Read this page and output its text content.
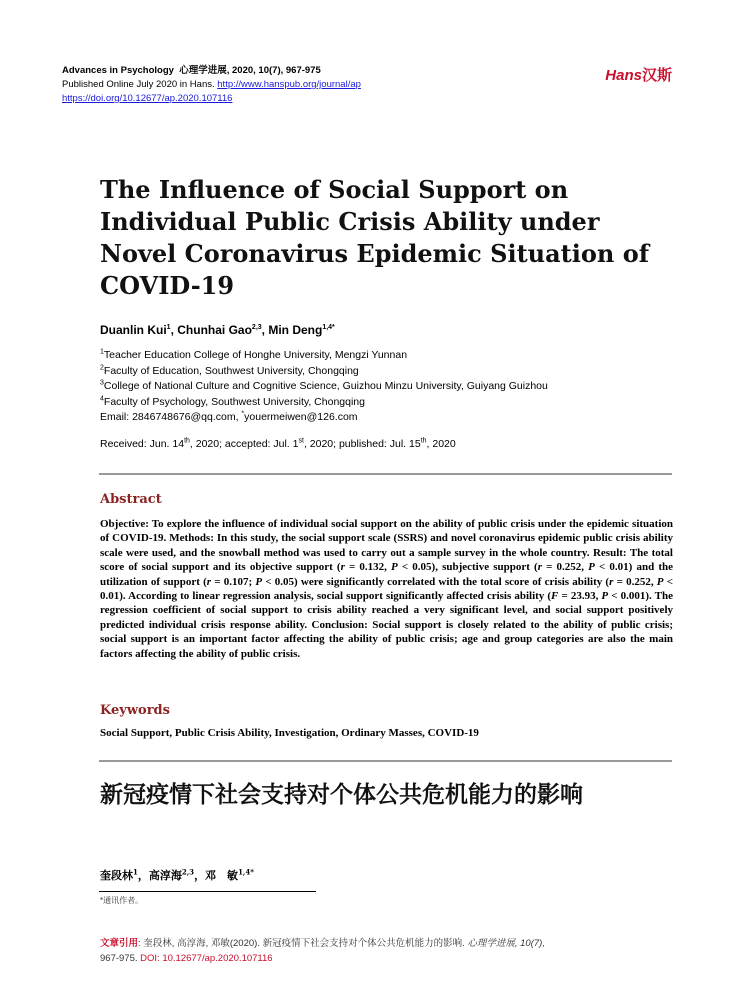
Advances in Psychology 心理学进展, 2020, 10(7), 967-975
Published Online July 2020 in Hans. http://www.hanspub.org/journal/ap
https://doi.org/10.12677/ap.2020.107116
Hans汉斯
The Influence of Social Support on Individual Public Crisis Ability under Novel Coronavirus Epidemic Situation of COVID-19
Duanlin Kui$^1$, Chunhai Gao$^{2,3}$, Min Deng$^{1,4*}$
$^1$Teacher Education College of Honghe University, Mengzi Yunnan
$^2$Faculty of Education, Southwest University, Chongqing
$^3$College of National Culture and Cognitive Science, Guizhou Minzu University, Guiyang Guizhou
$^4$Faculty of Psychology, Southwest University, Chongqing
Email: 2846748676@qq.com, *youermeiwen@126.com
Received: Jun. 14th, 2020; accepted: Jul. 1st, 2020; published: Jul. 15th, 2020
Abstract
Objective: To explore the influence of individual social support on the ability of public crisis under the epidemic situation of COVID-19. Methods: In this study, the social support scale (SSRS) and novel coronavirus epidemic public crisis ability scale were used, and the snowball method was used to carry out a sample survey in the whole country. Result: The total score of social support and its objective support (r = 0.132, P < 0.05), subjective support (r = 0.252, P < 0.01) and the utilization of support (r = 0.107; P < 0.05) were significantly correlated with the total score of crisis ability (r = 0.252, P < 0.01). According to linear regression analysis, social support significantly affected crisis ability (F = 23.93, P < 0.001). The regression coefficient of social support to crisis ability reached a very significant level, and social support positively predicted individual crisis response ability. Conclusion: Social support is closely related to the ability of public crisis; social support is an important factor affecting the ability of public crisis; age and group categories are also the main factors affecting the ability of public crisis.
Keywords
Social Support, Public Crisis Ability, Investigation, Ordinary Masses, COVID-19
新冠疫情下社会支持对个体公共危机能力的影响
奎段林$^1$，高淳海$^{2,3}$，邓　敏$^{1,4*}$
*通讯作者。
文章引用: 奎段林, 高淳海, 邓敏(2020). 新冠疫情下社会支持对个体公共危机能力的影响. 心理学进展, 10(7),
967-975. DOI: 10.12677/ap.2020.107116
